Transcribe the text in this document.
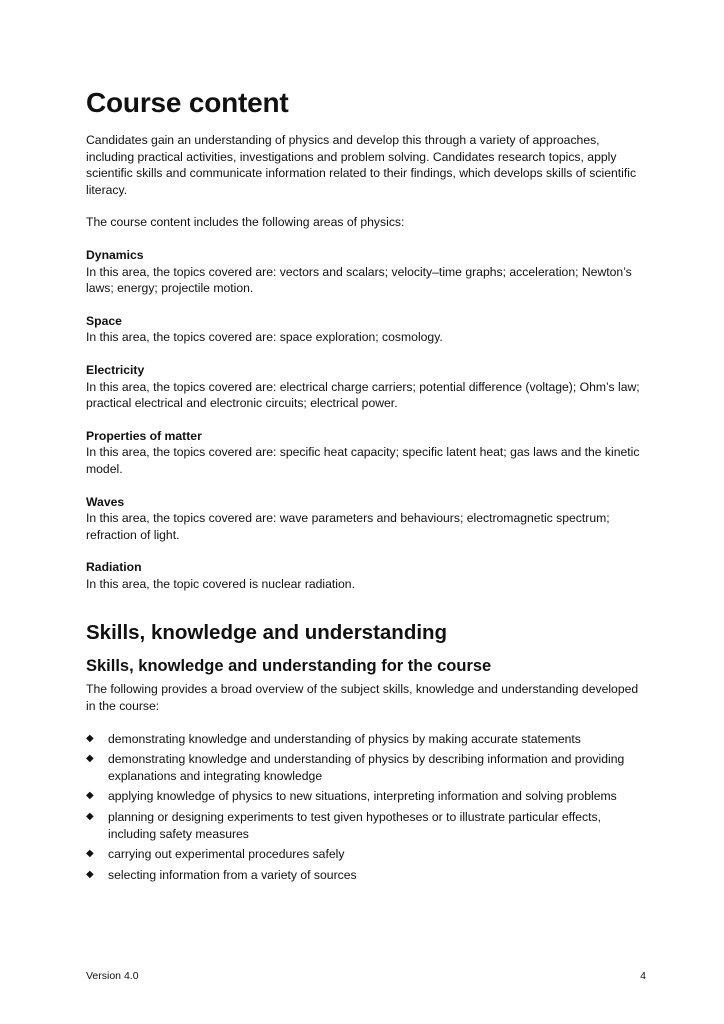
Course content

Candidates gain an understanding of physics and develop this through a variety of approaches, including practical activities, investigations and problem solving. Candidates research topics, apply scientific skills and communicate information related to their findings, which develops skills of scientific literacy.

The course content includes the following areas of physics:

Dynamics

In this area, the topics covered are: vectors and scalars; velocity–time graphs; acceleration; Newton’s laws; energy; projectile motion.

Space

In this area, the topics covered are: space exploration; cosmology.

Electricity

In this area, the topics covered are: electrical charge carriers; potential difference (voltage); Ohm’s law; practical electrical and electronic circuits; electrical power.

Properties of matter

In this area, the topics covered are: specific heat capacity; specific latent heat; gas laws and the kinetic model.

Waves

In this area, the topics covered are: wave parameters and behaviours; electromagnetic spectrum; refraction of light.

Radiation

In this area, the topic covered is nuclear radiation.

Skills, knowledge and understanding
Skills, knowledge and understanding for the course

The following provides a broad overview of the subject skills, knowledge and understanding developed in the course:

◆ demonstrating knowledge and understanding of physics by making accurate statements
◆ demonstrating knowledge and understanding of physics by describing information and providing explanations and integrating knowledge
◆ applying knowledge of physics to new situations, interpreting information and solving problems
◆ planning or designing experiments to test given hypotheses or to illustrate particular effects, including safety measures
◆ carrying out experimental procedures safely
◆ selecting information from a variety of sources
Version 4.0	4
